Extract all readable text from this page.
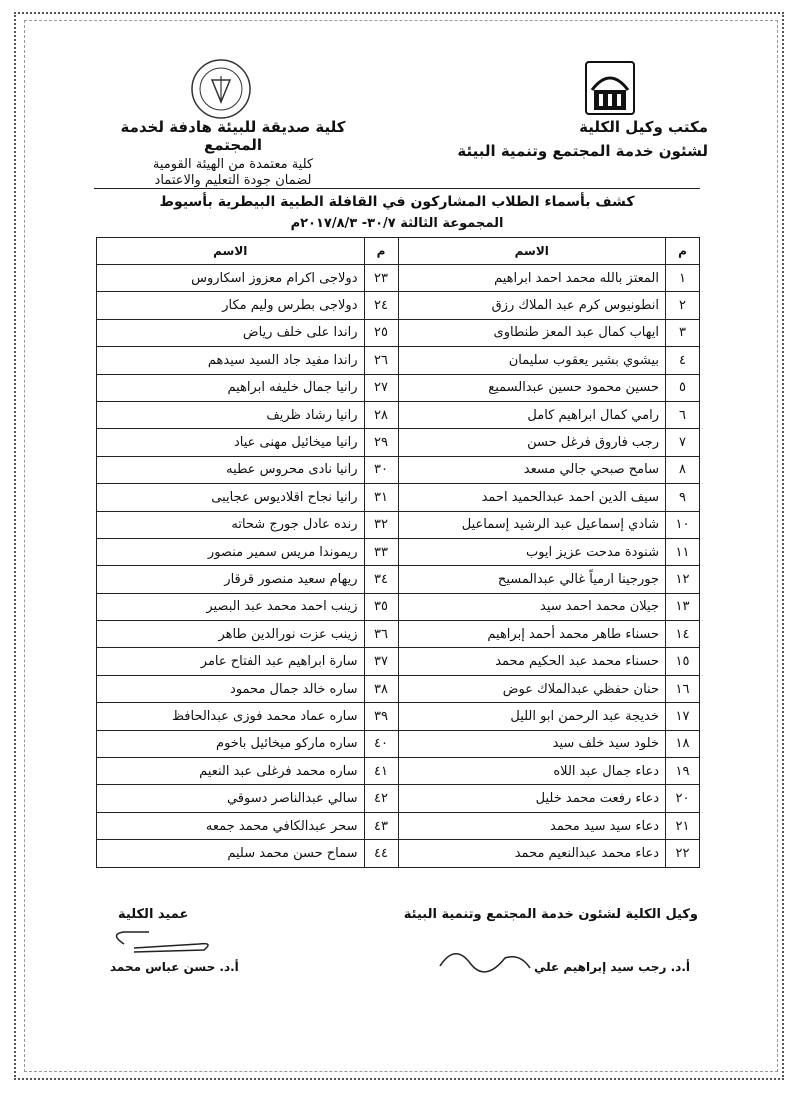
مكتب وكيل الكلية
لشئون خدمة المجتمع وتنمية البيئة
كلية صديقة للبيئة هادفة لخدمة المجتمع
كلية معتمدة من الهيئة القومية
لضمان جودة التعليم والاعتماد
كشف بأسماء الطلاب المشاركون في القافلة الطبية البيطرية بأسيوط
المجموعة الثالثة ٣٠/٧- ٢٠١٧/٨/٣م
م	الاسم	م	الاسم
١	المعتز بالله محمد احمد ابراهيم	٢٣	دولاجى اكرام معزوز اسكاروس
٢	انطونيوس كرم عبد الملاك رزق	٢٤	دولاجى بطرس وليم مكار
٣	ايهاب كمال عبد المعز طنطاوى	٢٥	راندا على خلف رياض
٤	بيشوي بشير يعقوب سليمان	٢٦	راندا مفيد جاد السيد سيدهم
٥	حسين محمود حسين عبدالسميع	٢٧	رانيا جمال خليفه ابراهيم
٦	رامي كمال ابراهيم كامل	٢٨	رانيا رشاد ظريف
٧	رجب فاروق فرغل حسن	٢٩	رانيا ميخائيل مهنى عياد
٨	سامح صبحي جالي مسعد	٣٠	رانيا نادى محروس عطيه
٩	سيف الدين احمد عبدالحميد احمد	٣١	رانيا نجاح اقلاديوس عجايبى
١٠	شادي إسماعيل عبد الرشيد إسماعيل	٣٢	رنده عادل جورج شحاته
١١	شنودة مدحت عزيز ايوب	٣٣	ريموندا مريس سمير منصور
١٢	جورجينا ارمياً غالي عبدالمسيح	٣٤	ريهام سعيد منصور قرقار
١٣	جيلان محمد احمد سيد	٣٥	زينب احمد محمد عبد البصير
١٤	حسناء طاهر محمد أحمد إبراهيم	٣٦	زينب عزت نورالدين طاهر
١٥	حسناء محمد عبد الحكيم محمد	٣٧	سارة ابراهيم عبد الفتاح عامر
١٦	حنان حفظي عبدالملاك عوض	٣٨	ساره خالد جمال محمود
١٧	خديجة عبد الرحمن ابو الليل	٣٩	ساره عماد محمد فوزى عبدالحافظ
١٨	خلود سيد خلف سيد	٤٠	ساره ماركو ميخائيل باخوم
١٩	دعاء جمال عبد اللاه	٤١	ساره محمد فرغلى عبد النعيم
٢٠	دعاء رفعت محمد خليل	٤٢	سالي عبدالناصر دسوقي
٢١	دعاء سيد سيد محمد	٤٣	سحر عبدالكافي محمد جمعه
٢٢	دعاء محمد عبدالنعيم محمد	٤٤	سماح حسن محمد سليم
وكيل الكلية لشئون خدمة المجتمع وتنمية البيئة
أ.د. رجب سيد إبراهيم علي
عميد الكلية
أ.د. حسن عباس محمد
